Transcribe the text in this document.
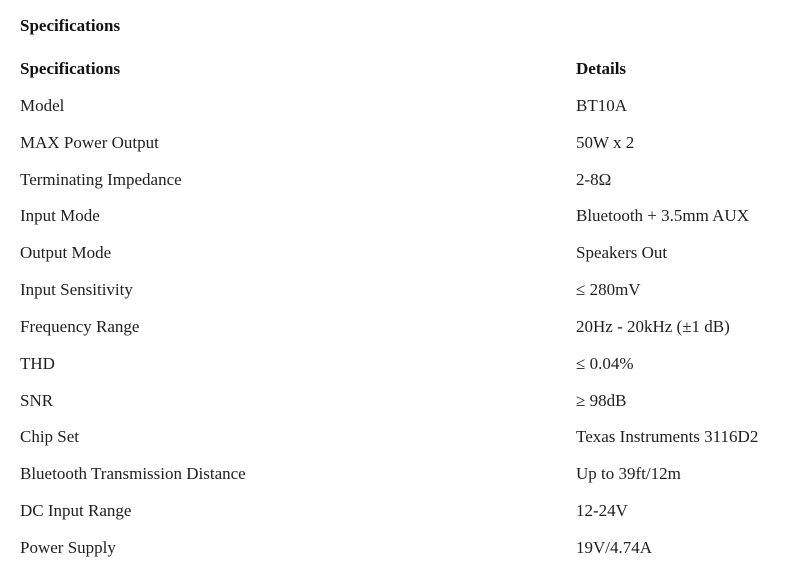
Specifications
Specifications	Details
Model	BT10A
MAX Power Output	50W x 2
Terminating Impedance	2-8Ω
Input Mode	Bluetooth + 3.5mm AUX
Output Mode	Speakers Out
Input Sensitivity	≤ 280mV
Frequency Range	20Hz - 20kHz (±1 dB)
THD	≤ 0.04%
SNR	≥ 98dB
Chip Set	Texas Instruments 3116D2
Bluetooth Transmission Distance	Up to 39ft/12m
DC Input Range	12-24V
Power Supply	19V/4.74A
